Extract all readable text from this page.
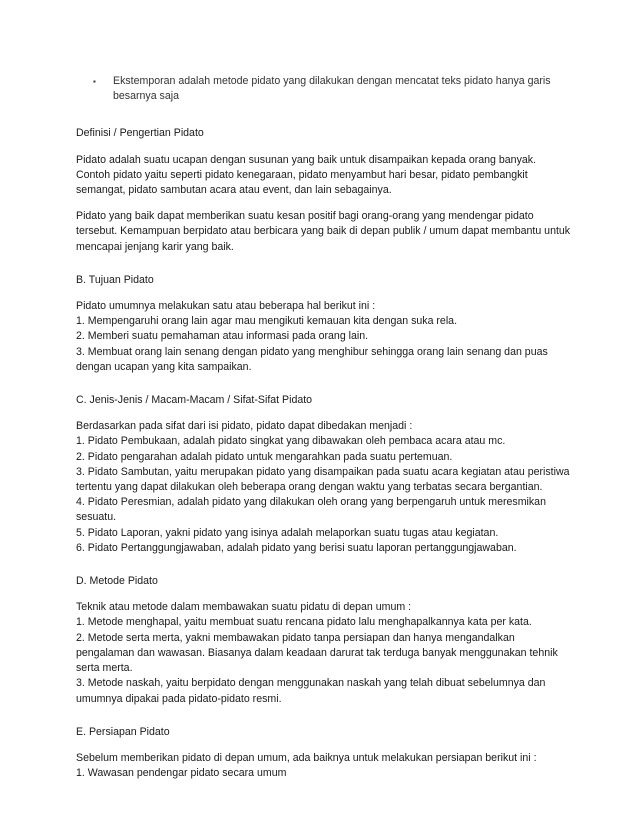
▪	Ekstemporan adalah metode pidato yang dilakukan dengan mencatat teks pidato hanya garis
besarnya saja
Definisi / Pengertian Pidato
Pidato adalah suatu ucapan dengan susunan yang baik untuk disampaikan kepada orang banyak.
Contoh pidato yaitu seperti pidato kenegaraan, pidato menyambut hari besar, pidato pembangkit
semangat, pidato sambutan acara atau event, dan lain sebagainya.
Pidato yang baik dapat memberikan suatu kesan positif bagi orang-orang yang mendengar pidato
tersebut. Kemampuan berpidato atau berbicara yang baik di depan publik / umum dapat membantu untuk
mencapai jenjang karir yang baik.
B. Tujuan Pidato
Pidato umumnya melakukan satu atau beberapa hal berikut ini :
1. Mempengaruhi orang lain agar mau mengikuti kemauan kita dengan suka rela.
2. Memberi suatu pemahaman atau informasi pada orang lain.
3. Membuat orang lain senang dengan pidato yang menghibur sehingga orang lain senang dan puas
dengan ucapan yang kita sampaikan.
C. Jenis-Jenis / Macam-Macam / Sifat-Sifat Pidato
Berdasarkan pada sifat dari isi pidato, pidato dapat dibedakan menjadi :
1. Pidato Pembukaan, adalah pidato singkat yang dibawakan oleh pembaca acara atau mc.
2. Pidato pengarahan adalah pidato untuk mengarahkan pada suatu pertemuan.
3. Pidato Sambutan, yaitu merupakan pidato yang disampaikan pada suatu acara kegiatan atau peristiwa
tertentu yang dapat dilakukan oleh beberapa orang dengan waktu yang terbatas secara bergantian.
4. Pidato Peresmian, adalah pidato yang dilakukan oleh orang yang berpengaruh untuk meresmikan
sesuatu.
5. Pidato Laporan, yakni pidato yang isinya adalah melaporkan suatu tugas atau kegiatan.
6. Pidato Pertanggungjawaban, adalah pidato yang berisi suatu laporan pertanggungjawaban.
D. Metode Pidato
Teknik atau metode dalam membawakan suatu pidatu di depan umum :
1. Metode menghapal, yaitu membuat suatu rencana pidato lalu menghapalkannya kata per kata.
2. Metode serta merta, yakni membawakan pidato tanpa persiapan dan hanya mengandalkan
pengalaman dan wawasan. Biasanya dalam keadaan darurat tak terduga banyak menggunakan tehnik
serta merta.
3. Metode naskah, yaitu berpidato dengan menggunakan naskah yang telah dibuat sebelumnya dan
umumnya dipakai pada pidato-pidato resmi.
E. Persiapan Pidato
Sebelum memberikan pidato di depan umum, ada baiknya untuk melakukan persiapan berikut ini :
1. Wawasan pendengar pidato secara umum
